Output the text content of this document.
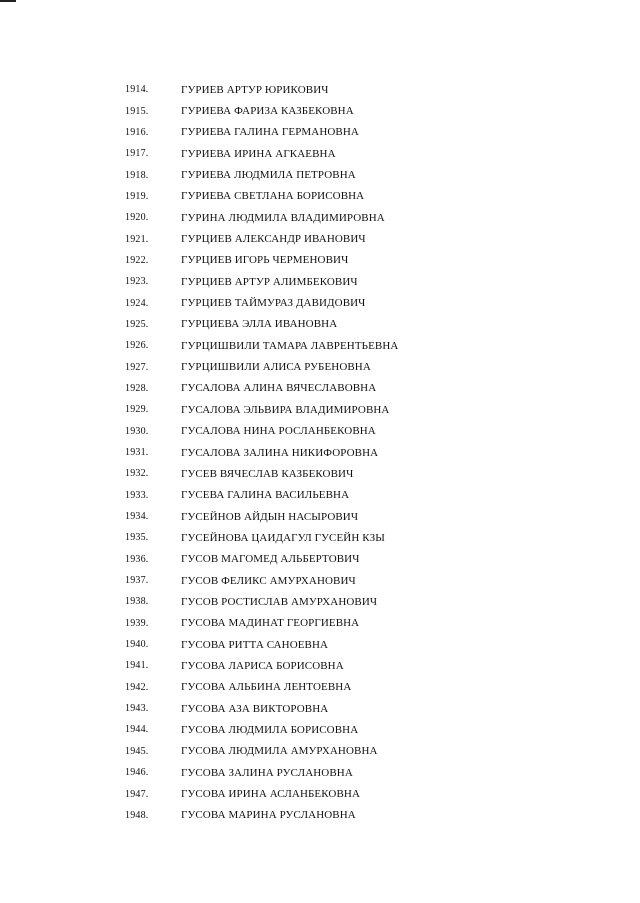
1914.	ГУРИЕВ АРТУР ЮРИКОВИЧ
1915.	ГУРИЕВА ФАРИЗА КАЗБЕКОВНА
1916.	ГУРИЕВА ГАЛИНА ГЕРМАНОВНА
1917.	ГУРИЕВА ИРИНА АГКАЕВНА
1918.	ГУРИЕВА ЛЮДМИЛА ПЕТРОВНА
1919.	ГУРИЕВА СВЕТЛАНА БОРИСОВНА
1920.	ГУРИНА ЛЮДМИЛА ВЛАДИМИРОВНА
1921.	ГУРЦИЕВ АЛЕКСАНДР ИВАНОВИЧ
1922.	ГУРЦИЕВ ИГОРЬ ЧЕРМЕНОВИЧ
1923.	ГУРЦИЕВ АРТУР АЛИМБЕКОВИЧ
1924.	ГУРЦИЕВ ТАЙМУРАЗ ДАВИДОВИЧ
1925.	ГУРЦИЕВА ЭЛЛА ИВАНОВНА
1926.	ГУРЦИШВИЛИ ТАМАРА ЛАВРЕНТЬЕВНА
1927.	ГУРЦИШВИЛИ АЛИСА РУБЕНОВНА
1928.	ГУСАЛОВА АЛИНА ВЯЧЕСЛАВОВНА
1929.	ГУСАЛОВА ЭЛЬВИРА ВЛАДИМИРОВНА
1930.	ГУСАЛОВА НИНА РОСЛАНБЕКОВНА
1931.	ГУСАЛОВА ЗАЛИНА НИКИФОРОВНА
1932.	ГУСЕВ ВЯЧЕСЛАВ КАЗБЕКОВИЧ
1933.	ГУСЕВА ГАЛИНА ВАСИЛЬЕВНА
1934.	ГУСЕЙНОВ АЙДЫН НАСЫРОВИЧ
1935.	ГУСЕЙНОВА ЦАИДАГУЛ ГУСЕЙН КЗЫ
1936.	ГУСОВ МАГОМЕД АЛЬБЕРТОВИЧ
1937.	ГУСОВ ФЕЛИКС АМУРХАНОВИЧ
1938.	ГУСОВ РОСТИСЛАВ АМУРХАНОВИЧ
1939.	ГУСОВА МАДИНАТ ГЕОРГИЕВНА
1940.	ГУСОВА РИТТА САНОЕВНА
1941.	ГУСОВА ЛАРИСА БОРИСОВНА
1942.	ГУСОВА АЛЬБИНА ЛЕНТОЕВНА
1943.	ГУСОВА АЗА ВИКТОРОВНА
1944.	ГУСОВА ЛЮДМИЛА БОРИСОВНА
1945.	ГУСОВА ЛЮДМИЛА АМУРХАНОВНА
1946.	ГУСОВА ЗАЛИНА РУСЛАНОВНА
1947.	ГУСОВА ИРИНА АСЛАНБЕКОВНА
1948.	ГУСОВА МАРИНА РУСЛАНОВНА
